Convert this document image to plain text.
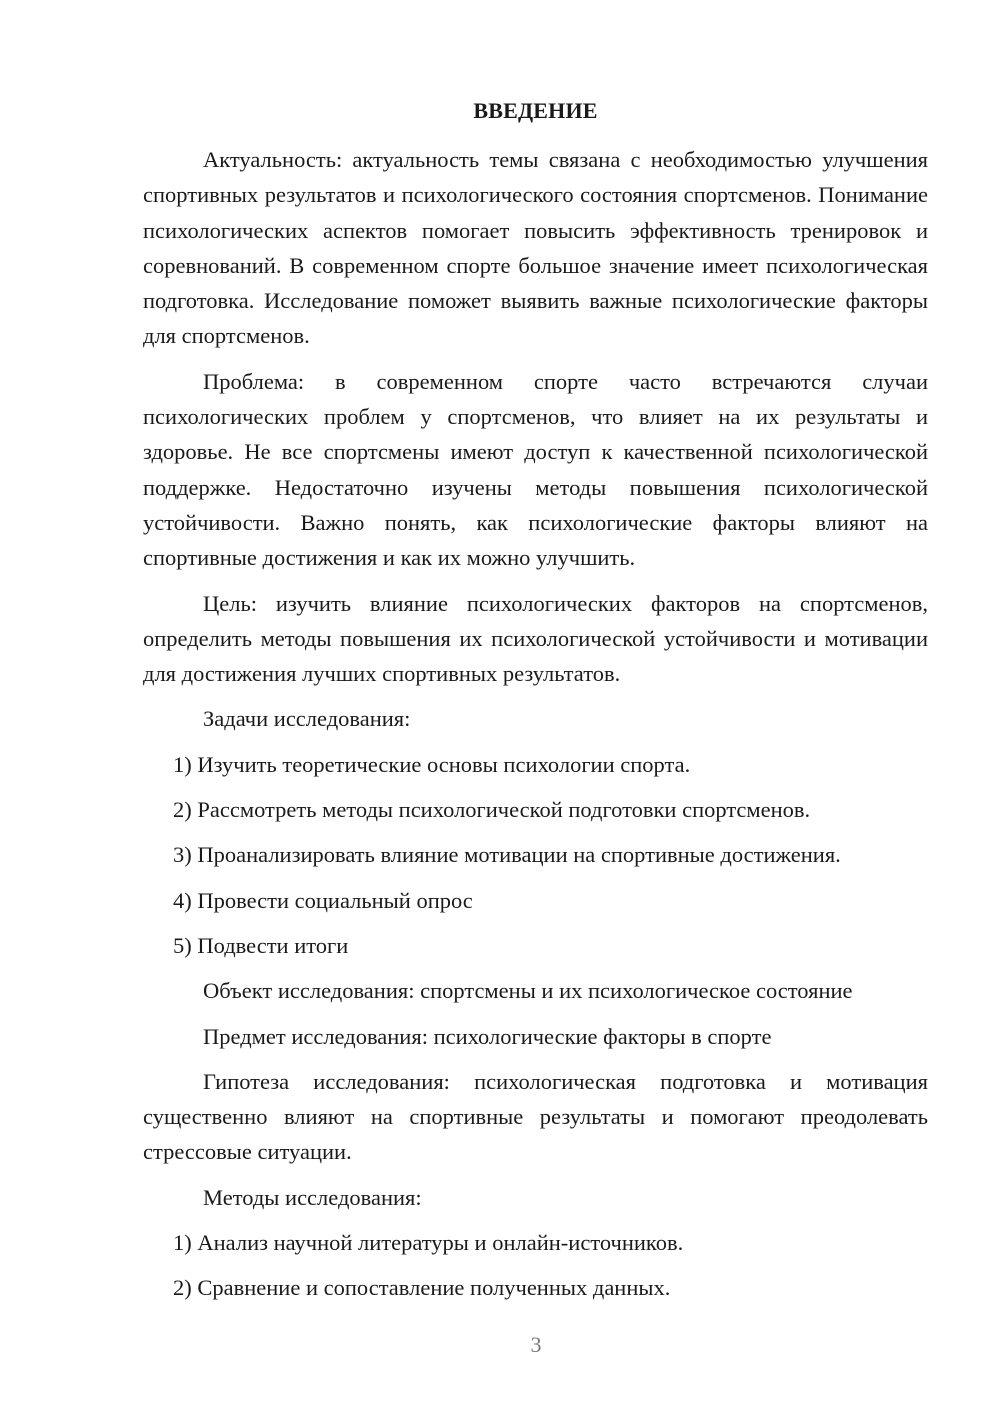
ВВЕДЕНИЕ

Актуальность: актуальность темы связана с необходимостью улучшения спортивных результатов и психологического состояния спортсменов. Понимание психологических аспектов помогает повысить эффективность тренировок и соревнований. В современном спорте большое значение имеет психологическая подготовка. Исследование поможет выявить важные психологические факторы для спортсменов.

Проблема: в современном спорте часто встречаются случаи психологических проблем у спортсменов, что влияет на их результаты и здоровье. Не все спортсмены имеют доступ к качественной психологической поддержке. Недостаточно изучены методы повышения психологической устойчивости. Важно понять, как психологические факторы влияют на спортивные достижения и как их можно улучшить.

Цель: изучить влияние психологических факторов на спортсменов, определить методы повышения их психологической устойчивости и мотивации для достижения лучших спортивных результатов.

Задачи исследования:

1) Изучить теоретические основы психологии спорта.
2) Рассмотреть методы психологической подготовки спортсменов.
3) Проанализировать влияние мотивации на спортивные достижения.
4) Провести социальный опрос
5) Подвести итоги

Объект исследования: спортсмены и их психологическое состояние

Предмет исследования: психологические факторы в спорте

Гипотеза исследования: психологическая подготовка и мотивация существенно влияют на спортивные результаты и помогают преодолевать стрессовые ситуации.

Методы исследования:

1) Анализ научной литературы и онлайн-источников.
2) Сравнение и сопоставление полученных данных.
3
